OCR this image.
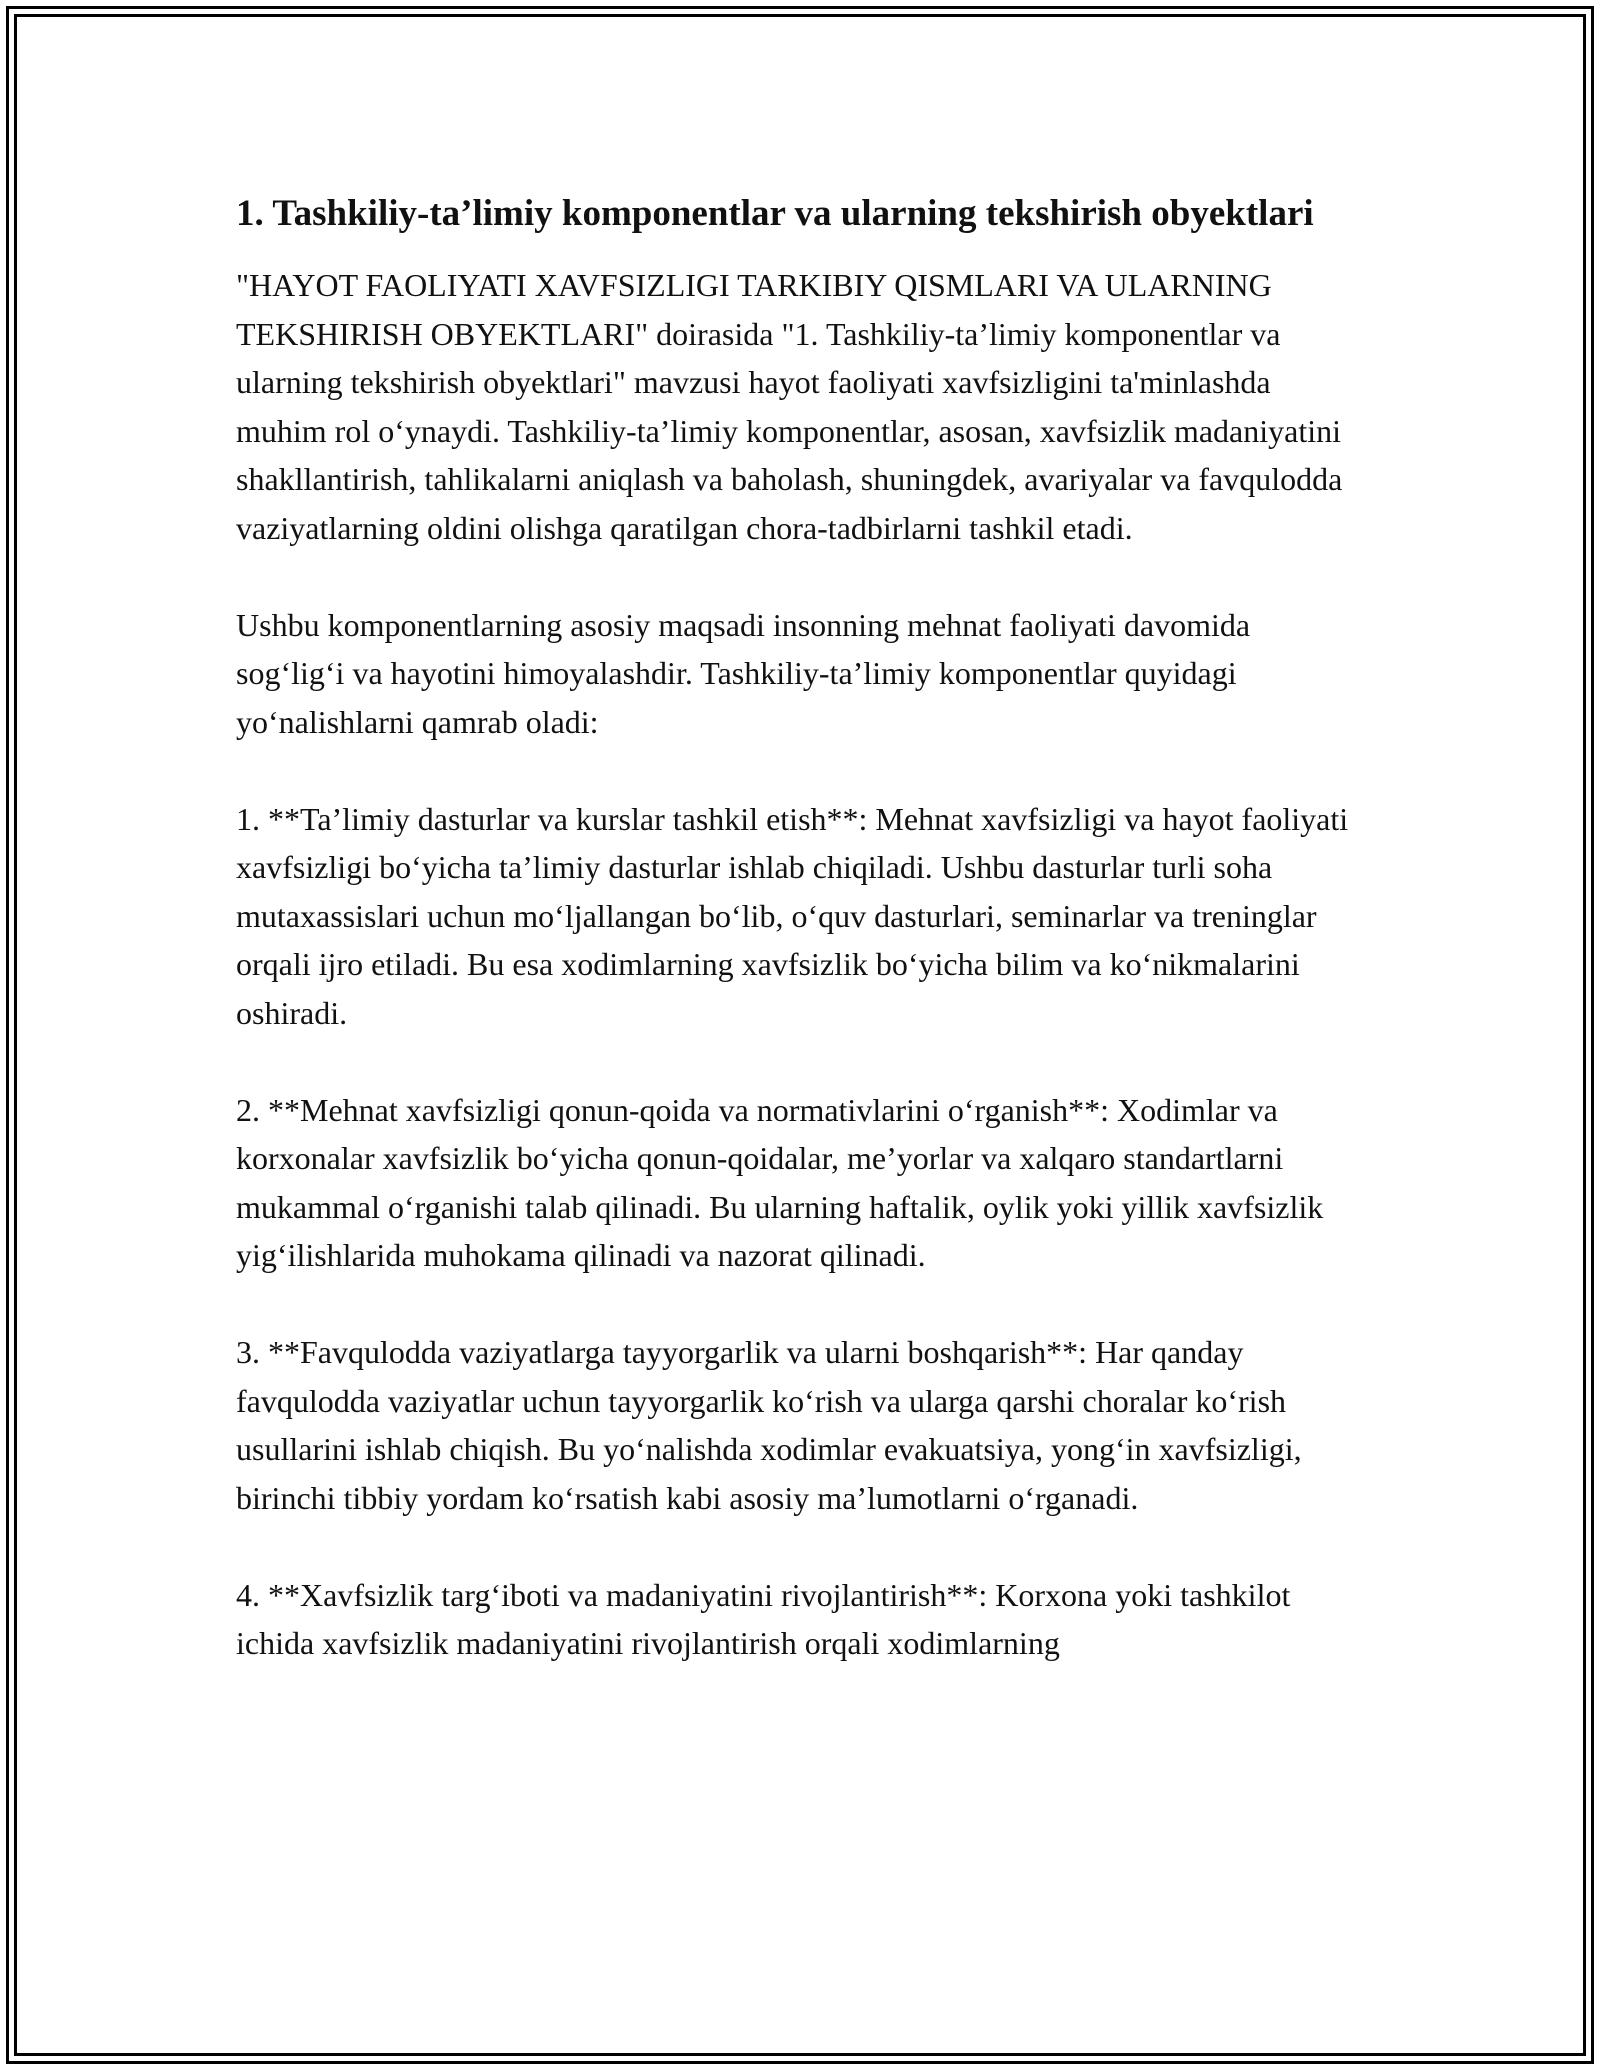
1. Tashkiliy-ta’limiy komponentlar va ularning tekshirish obyektlari

"HAYOT FAOLIYATI XAVFSIZLIGI TARKIBIY QISMLARI VA ULARNING TEKSHIRISH OBYEKTLARI" doirasida "1. Tashkiliy-ta’limiy komponentlar va ularning tekshirish obyektlari" mavzusi hayot faoliyati xavfsizligini ta'minlashda muhim rol o‘ynaydi. Tashkiliy-ta’limiy komponentlar, asosan, xavfsizlik madaniyatini shakllantirish, tahlikalarni aniqlash va baholash, shuningdek, avariyalar va favqulodda vaziyatlarning oldini olishga qaratilgan chora-tadbirlarni tashkil etadi.

Ushbu komponentlarning asosiy maqsadi insonning mehnat faoliyati davomida sog‘lig‘i va hayotini himoyalashdir. Tashkiliy-ta’limiy komponentlar quyidagi yo‘nalishlarni qamrab oladi:

1. **Ta’limiy dasturlar va kurslar tashkil etish**: Mehnat xavfsizligi va hayot faoliyati xavfsizligi bo‘yicha ta’limiy dasturlar ishlab chiqiladi. Ushbu dasturlar turli soha mutaxassislari uchun mo‘ljallangan bo‘lib, o‘quv dasturlari, seminarlar va treninglar orqali ijro etiladi. Bu esa xodimlarning xavfsizlik bo‘yicha bilim va ko‘nikmalarini oshiradi.

2. **Mehnat xavfsizligi qonun-qoida va normativlarini o‘rganish**: Xodimlar va korxonalar xavfsizlik bo‘yicha qonun-qoidalar, me’yorlar va xalqaro standartlarni mukammal o‘rganishi talab qilinadi. Bu ularning haftalik, oylik yoki yillik xavfsizlik yig‘ilishlarida muhokama qilinadi va nazorat qilinadi.

3. **Favqulodda vaziyatlarga tayyorgarlik va ularni boshqarish**: Har qanday favqulodda vaziyatlar uchun tayyorgarlik ko‘rish va ularga qarshi choralar ko‘rish usullarini ishlab chiqish. Bu yo‘nalishda xodimlar evakuatsiya, yong‘in xavfsizligi, birinchi tibbiy yordam ko‘rsatish kabi asosiy ma’lumotlarni o‘rganadi.

4. **Xavfsizlik targ‘iboti va madaniyatini rivojlantirish**: Korxona yoki tashkilot ichida xavfsizlik madaniyatini rivojlantirish orqali xodimlarning
